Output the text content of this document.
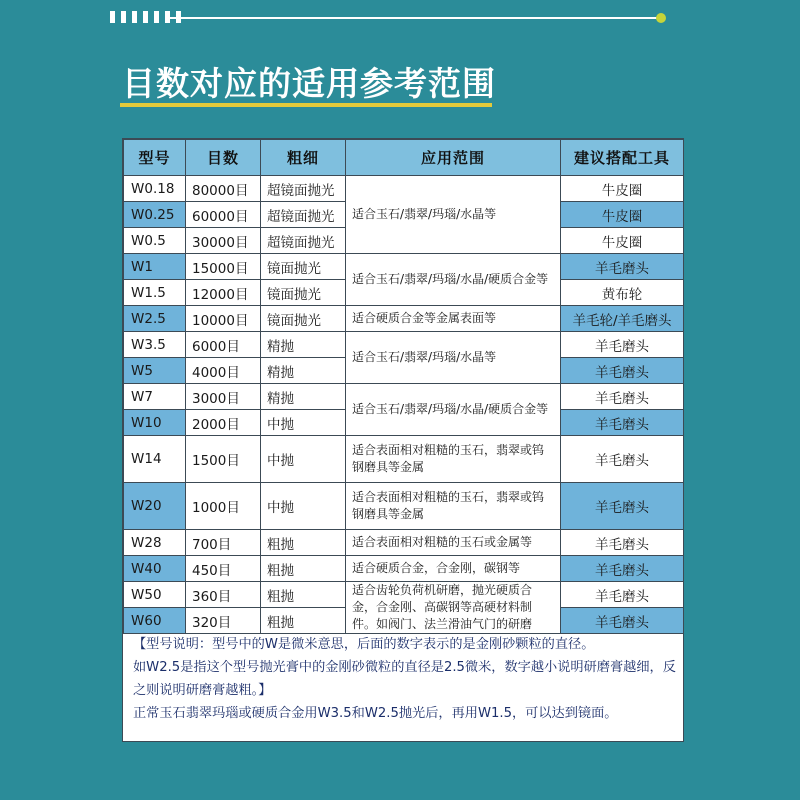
目数对应的适用参考范围
型号	目数	粗细	应用范围	建议搭配工具
W0.18	80000目	超镜面抛光	适合玉石/翡翠/玛瑙/水晶等	牛皮圈
W0.25	60000目	超镜面抛光		牛皮圈
W0.5	30000目	超镜面抛光		牛皮圈
W1	15000目	镜面抛光	适合玉石/翡翠/玛瑙/水晶/硬质合金等	羊毛磨头
W1.5	12000目	镜面抛光		黄布轮
W2.5	10000目	镜面抛光	适合硬质合金等金属表面等	羊毛轮/羊毛磨头
W3.5	6000目	精抛	适合玉石/翡翠/玛瑙/水晶等	羊毛磨头
W5	4000目	精抛		羊毛磨头
W7	3000目	精抛	适合玉石/翡翠/玛瑙/水晶/硬质合金等	羊毛磨头
W10	2000目	中抛		羊毛磨头
W14	1500目	中抛	适合表面相对粗糙的玉石，翡翠或钨钢磨具等金属	羊毛磨头
W20	1000目	中抛	适合表面相对粗糙的玉石，翡翠或钨钢磨具等金属	羊毛磨头
W28	700目	粗抛	适合表面相对粗糙的玉石或金属等	羊毛磨头
W40	450目	粗抛	适合硬质合金，合金刚，碳钢等	羊毛磨头
W50	360目	粗抛	适合齿轮负荷机研磨，抛光硬质合金，合金刚、高碳钢等高硬材料制件。如阀门、法兰滑油气门的研磨	羊毛磨头
W60	320目	粗抛		羊毛磨头

【型号说明：型号中的W是微米意思，后面的数字表示的是金刚砂颗粒的直径。

如W2.5是指这个型号抛光膏中的金刚砂微粒的直径是2.5微米，数字越小说明研磨膏越细，反之则说明研磨膏越粗。】

正常玉石翡翠玛瑙或硬质合金用W3.5和W2.5抛光后，再用W1.5，可以达到镜面。
